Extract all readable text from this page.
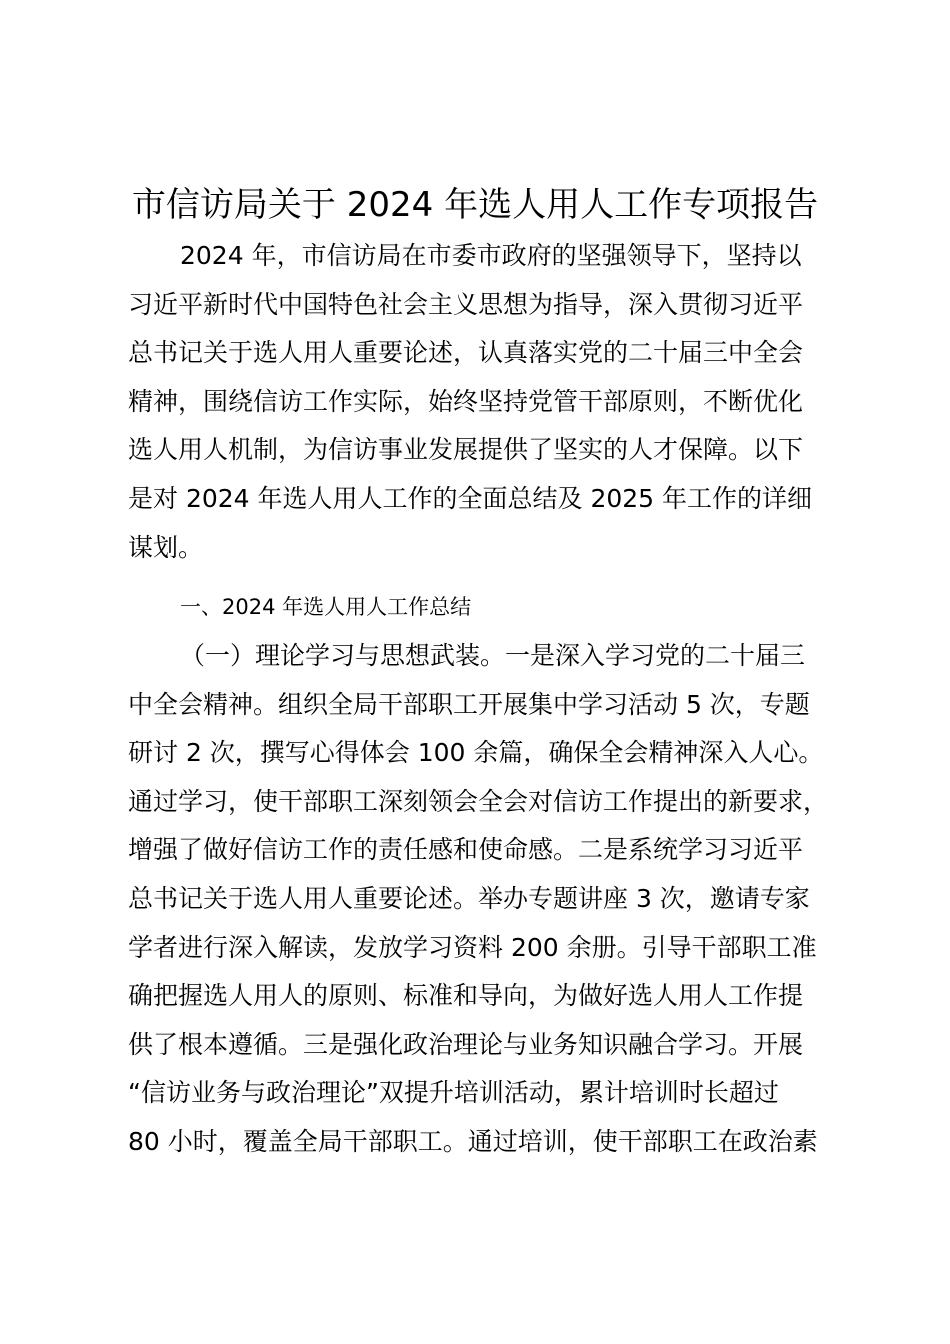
市信访局关于 2024 年选人用人工作专项报告
2024 年，市信访局在市委市政府的坚强领导下，坚持以
习近平新时代中国特色社会主义思想为指导，深入贯彻习近平
总书记关于选人用人重要论述，认真落实党的二十届三中全会
精神，围绕信访工作实际，始终坚持党管干部原则，不断优化
选人用人机制，为信访事业发展提供了坚实的人才保障。以下
是对 2024 年选人用人工作的全面总结及 2025 年工作的详细
谋划。
一、2024 年选人用人工作总结
（一）理论学习与思想武装。一是深入学习党的二十届三
中全会精神。组织全局干部职工开展集中学习活动 5 次，专题
研讨 2 次，撰写心得体会 100 余篇，确保全会精神深入人心。
通过学习，使干部职工深刻领会全会对信访工作提出的新要求，
增强了做好信访工作的责任感和使命感。二是系统学习习近平
总书记关于选人用人重要论述。举办专题讲座 3 次，邀请专家
学者进行深入解读，发放学习资料 200 余册。引导干部职工准
确把握选人用人的原则、标准和导向，为做好选人用人工作提
供了根本遵循。三是强化政治理论与业务知识融合学习。开展
“信访业务与政治理论”双提升培训活动，累计培训时长超过
80 小时，覆盖全局干部职工。通过培训，使干部职工在政治素
